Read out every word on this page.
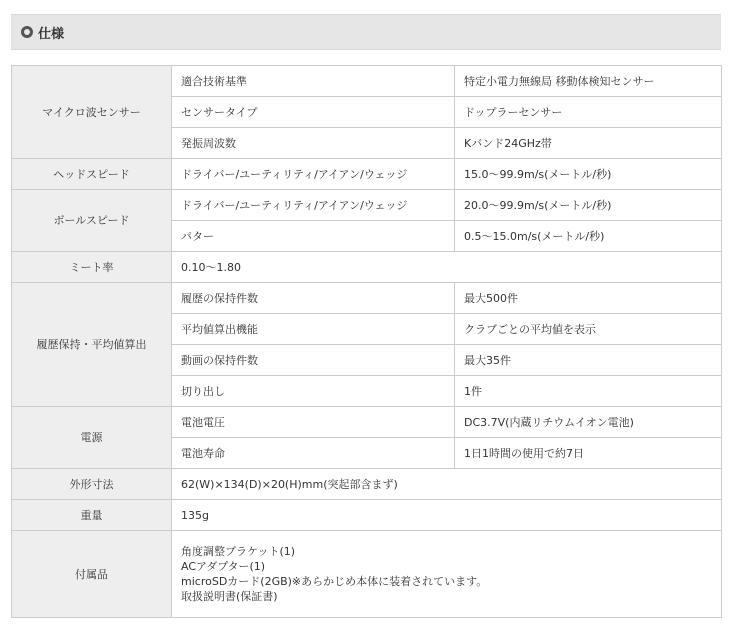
仕様
マイクロ波センサー	適合技術基準	特定小電力無線局 移動体検知センサー
	センサータイプ	ドップラーセンサー
	発振周波数	Kバンド24GHz帯
ヘッドスピード	ドライバー/ユーティリティ/アイアン/ウェッジ	15.0～99.9m/s(メートル/秒)
ボールスピード	ドライバー/ユーティリティ/アイアン/ウェッジ	20.0～99.9m/s(メートル/秒)
	パター	0.5～15.0m/s(メートル/秒)
ミート率	0.10～1.80	
履歴保持・平均値算出	履歴の保持件数	最大500件
	平均値算出機能	クラブごとの平均値を表示
	動画の保持件数	最大35件
	切り出し	1件
電源	電池電圧	DC3.7V(内蔵リチウムイオン電池)
	電池寿命	1日1時間の使用で約7日
外形寸法	62(W)×134(D)×20(H)mm(突起部含まず)	
重量	135g	
付属品	角度調整ブラケット(1)
ACアダプター(1)
microSDカード(2GB)※あらかじめ本体に装着されています。
取扱説明書(保証書)	
